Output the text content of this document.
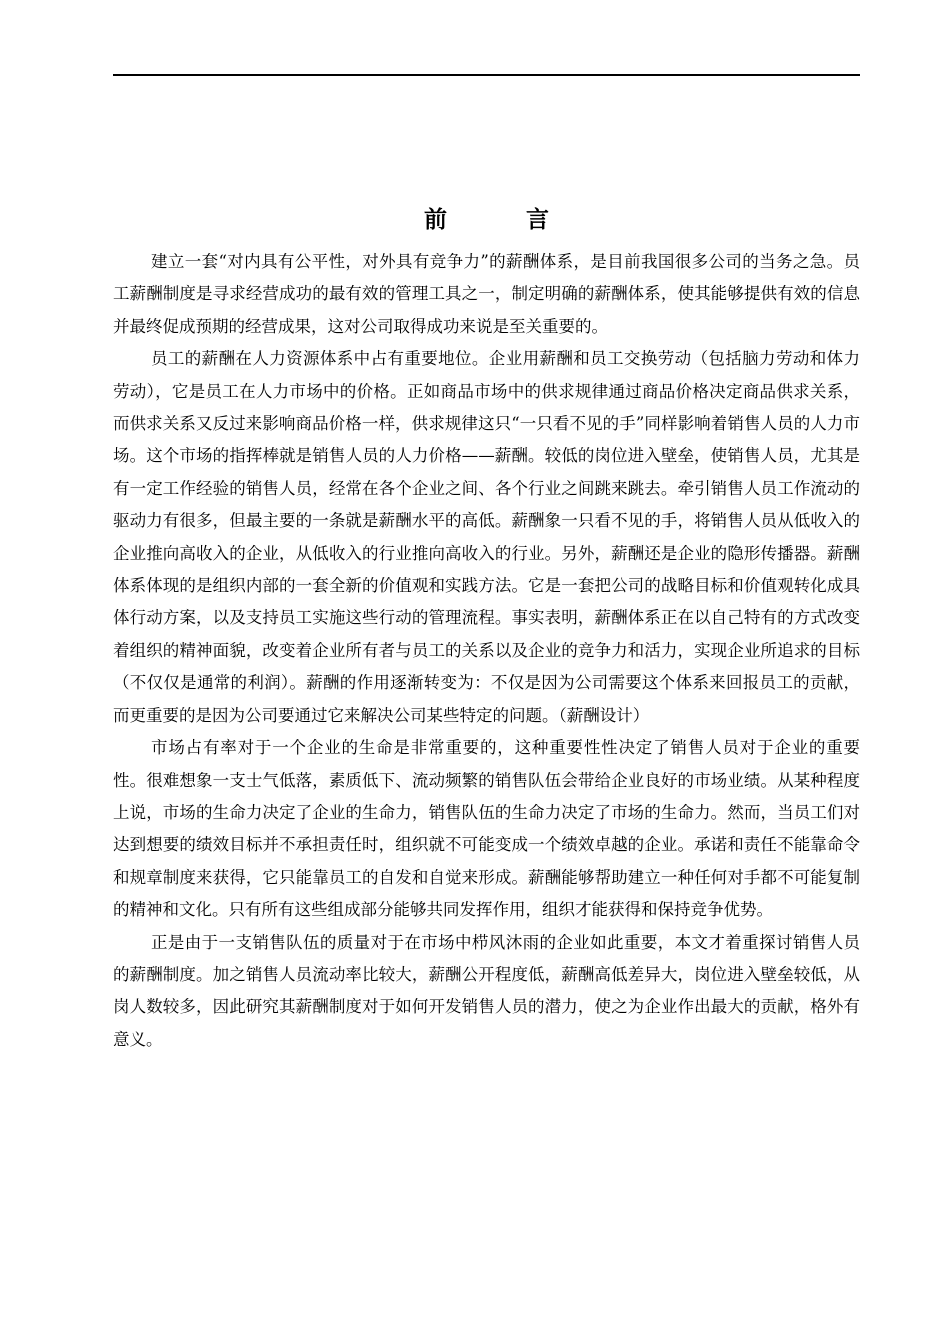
前　言

建立一套“对内具有公平性，对外具有竞争力”的薪酬体系，是目前我国很多公司的当务之急。员工薪酬制度是寻求经营成功的最有效的管理工具之一，制定明确的薪酬体系，使其能够提供有效的信息并最终促成预期的经营成果，这对公司取得成功来说是至关重要的。

员工的薪酬在人力资源体系中占有重要地位。企业用薪酬和员工交换劳动（包括脑力劳动和体力劳动），它是员工在人力市场中的价格。正如商品市场中的供求规律通过商品价格决定商品供求关系，而供求关系又反过来影响商品价格一样，供求规律这只“一只看不见的手”同样影响着销售人员的人力市场。这个市场的指挥棒就是销售人员的人力价格——薪酬。较低的岗位进入壁垒，使销售人员，尤其是有一定工作经验的销售人员，经常在各个企业之间、各个行业之间跳来跳去。牵引销售人员工作流动的驱动力有很多，但最主要的一条就是薪酬水平的高低。薪酬象一只看不见的手，将销售人员从低收入的企业推向高收入的企业，从低收入的行业推向高收入的行业。另外，薪酬还是企业的隐形传播器。薪酬体系体现的是组织内部的一套全新的价值观和实践方法。它是一套把公司的战略目标和价值观转化成具体行动方案，以及支持员工实施这些行动的管理流程。事实表明，薪酬体系正在以自己特有的方式改变着组织的精神面貌，改变着企业所有者与员工的关系以及企业的竞争力和活力，实现企业所追求的目标（不仅仅是通常的利润）。薪酬的作用逐渐转变为：不仅是因为公司需要这个体系来回报员工的贡献，而更重要的是因为公司要通过它来解决公司某些特定的问题。（薪酬设计）

市场占有率对于一个企业的生命是非常重要的，这种重要性性决定了销售人员对于企业的重要性。很难想象一支士气低落，素质低下、流动频繁的销售队伍会带给企业良好的市场业绩。从某种程度上说，市场的生命力决定了企业的生命力，销售队伍的生命力决定了市场的生命力。然而，当员工们对达到想要的绩效目标并不承担责任时，组织就不可能变成一个绩效卓越的企业。承诺和责任不能靠命令和规章制度来获得，它只能靠员工的自发和自觉来形成。薪酬能够帮助建立一种任何对手都不可能复制的精神和文化。只有所有这些组成部分能够共同发挥作用，组织才能获得和保持竞争优势。

正是由于一支销售队伍的质量对于在市场中栉风沐雨的企业如此重要，本文才着重探讨销售人员的薪酬制度。加之销售人员流动率比较大，薪酬公开程度低，薪酬高低差异大，岗位进入壁垒较低，从岗人数较多，因此研究其薪酬制度对于如何开发销售人员的潜力，使之为企业作出最大的贡献，格外有意义。
